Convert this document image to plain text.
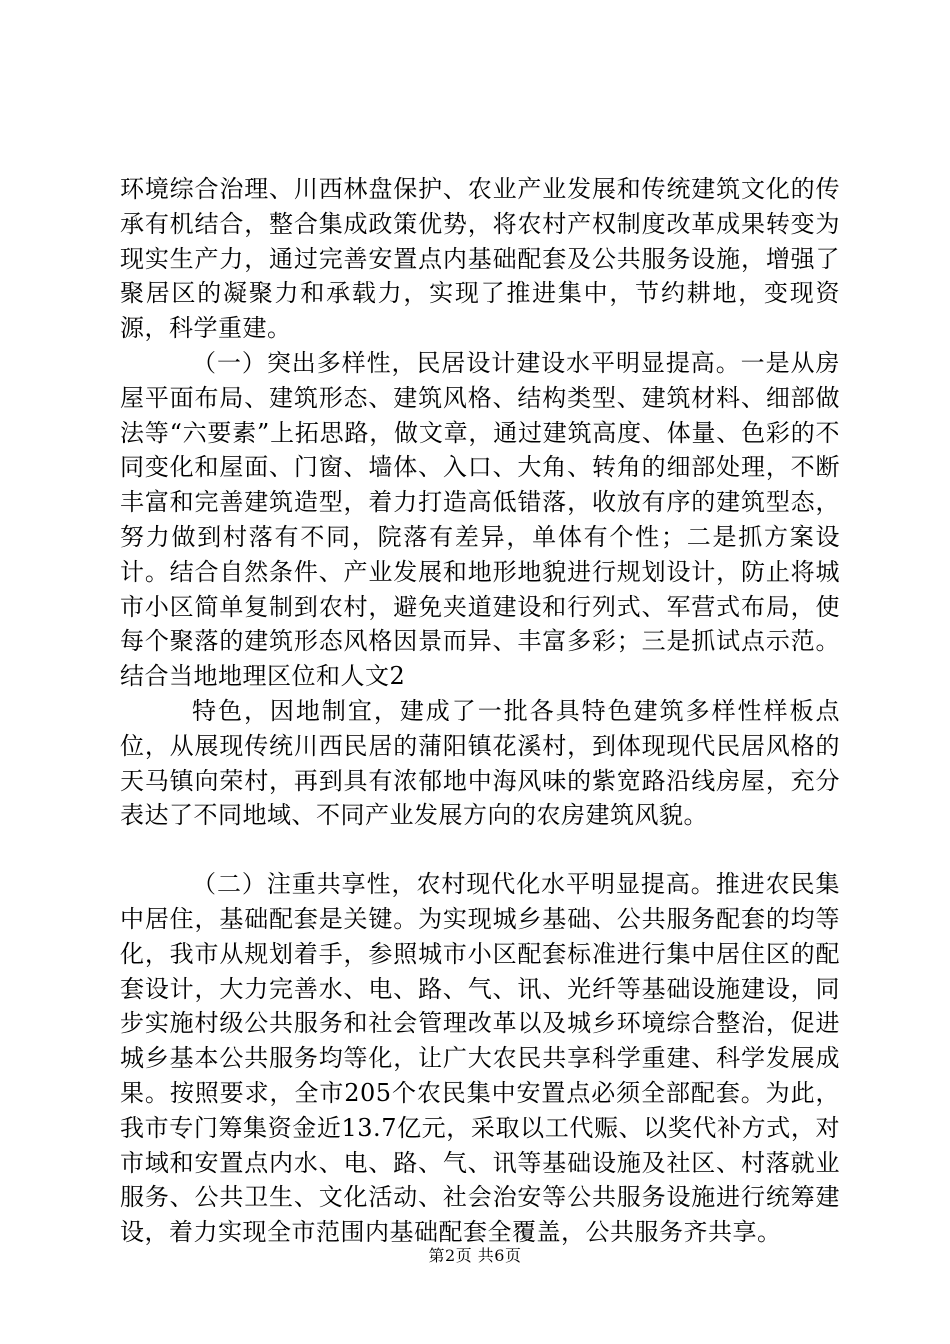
环境综合治理、川西林盘保护、农业产业发展和传统建筑文化的传承有机结合，整合集成政策优势，将农村产权制度改革成果转变为现实生产力，通过完善安置点内基础配套及公共服务设施，增强了聚居区的凝聚力和承载力，实现了推进集中，节约耕地，变现资源，科学重建。

（一）突出多样性，民居设计建设水平明显提高。一是从房屋平面布局、建筑形态、建筑风格、结构类型、建筑材料、细部做法等“六要素”上拓思路，做文章，通过建筑高度、体量、色彩的不同变化和屋面、门窗、墙体、入口、大角、转角的细部处理，不断丰富和完善建筑造型，着力打造高低错落，收放有序的建筑型态，努力做到村落有不同，院落有差异，单体有个性；二是抓方案设计。结合自然条件、产业发展和地形地貌进行规划设计，防止将城市小区简单复制到农村，避免夹道建设和行列式、军营式布局，使每个聚落的建筑形态风格因景而异、丰富多彩；三是抓试点示范。结合当地地理区位和人文2

特色，因地制宜，建成了一批各具特色建筑多样性样板点位，从展现传统川西民居的蒲阳镇花溪村，到体现现代民居风格的天马镇向荣村，再到具有浓郁地中海风味的紫宽路沿线房屋，充分表达了不同地域、不同产业发展方向的农房建筑风貌。

（二）注重共享性，农村现代化水平明显提高。推进农民集中居住，基础配套是关键。为实现城乡基础、公共服务配套的均等化，我市从规划着手，参照城市小区配套标准进行集中居住区的配套设计，大力完善水、电、路、气、讯、光纤等基础设施建设，同步实施村级公共服务和社会管理改革以及城乡环境综合整治，促进城乡基本公共服务均等化，让广大农民共享科学重建、科学发展成果。按照要求，全市205个农民集中安置点必须全部配套。为此，我市专门筹集资金近13.7亿元，采取以工代赈、以奖代补方式，对市域和安置点内水、电、路、气、讯等基础设施及社区、村落就业服务、公共卫生、文化活动、社会治安等公共服务设施进行统筹建设，着力实现全市范围内基础配套全覆盖，公共服务齐共享。

第2页 共6页
